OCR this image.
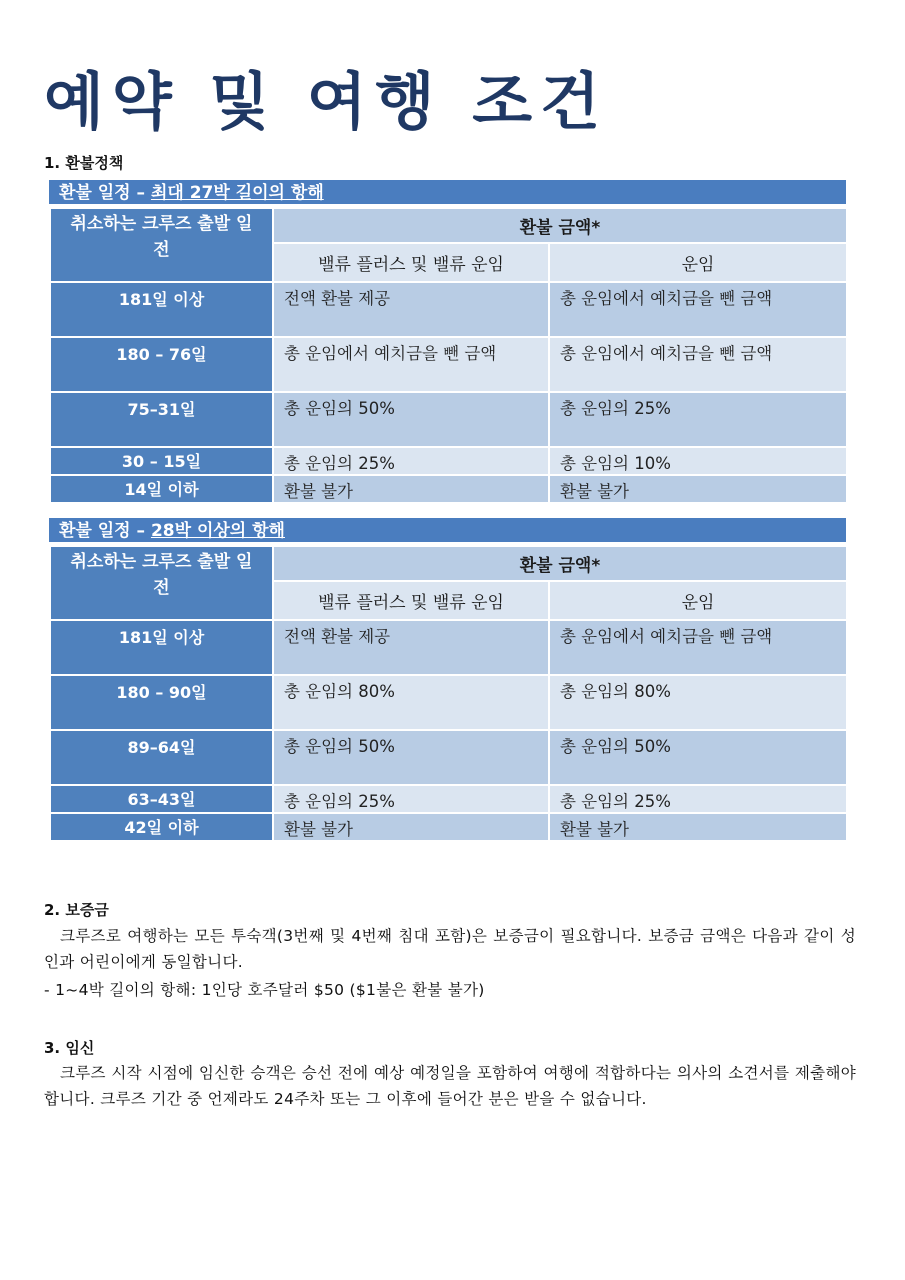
예약 및 여행 조건
1. 환불정책
환불 일정 – 최대 27박 길이의 항해
취소하는 크루즈 출발 일 전	환불 금액*	
	밸류 플러스 및 밸류 운임	운임
181일 이상	전액 환불 제공	총 운임에서 예치금을 뺀 금액
180 – 76일	총 운임에서 예치금을 뺀 금액	총 운임에서 예치금을 뺀 금액
75–31일	총 운임의 50%	총 운임의 25%
30 – 15일	총 운임의 25%	총 운임의 10%
14일 이하	환불 불가	환불 불가
환불 일정 – 28박 이상의 항해
취소하는 크루즈 출발 일 전	환불 금액*	
	밸류 플러스 및 밸류 운임	운임
181일 이상	전액 환불 제공	총 운임에서 예치금을 뺀 금액
180 – 90일	총 운임의 80%	총 운임의 80%
89–64일	총 운임의 50%	총 운임의 50%
63–43일	총 운임의 25%	총 운임의 25%
42일 이하	환불 불가	환불 불가
2. 보증금
크루즈로 여행하는 모든 투숙객(3번째 및 4번째 침대 포함)은 보증금이 필요합니다. 보증금 금액은 다음과 같이 성인과 어린이에게 동일합니다.
- 1~4박 길이의 항해: 1인당 호주달러 $50 ($1불은 환불 불가)
3. 임신
크루즈 시작 시점에 임신한 승객은 승선 전에 예상 예정일을 포함하여 여행에 적합하다는 의사의 소견서를 제출해야 합니다. 크루즈 기간 중 언제라도 24주차 또는 그 이후에 들어간 분은 받을 수 없습니다.
